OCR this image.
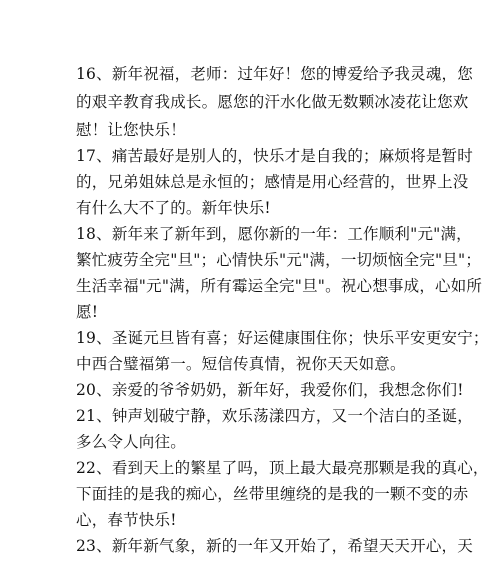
16、新年祝福，老师：过年好！您的博爱给予我灵魂，您
的艰辛教育我成长。愿您的汗水化做无数颗冰凌花让您欢
慰！让您快乐！
17、痛苦最好是别人的，快乐才是自我的；麻烦将是暂时
的，兄弟姐妹总是永恒的；感情是用心经营的，世界上没
有什么大不了的。新年快乐!
18、新年来了新年到，愿你新的一年：工作顺利"元"满，
繁忙疲劳全完"旦"；心情快乐"元"满，一切烦恼全完"旦"；
生活幸福"元"满，所有霉运全完"旦"。祝心想事成，心如所
愿!
19、圣诞元旦皆有喜；好运健康围住你；快乐平安更安宁；
中西合璧福第一。短信传真情，祝你天天如意。
20、亲爱的爷爷奶奶，新年好，我爱你们，我想念你们!
21、钟声划破宁静，欢乐荡漾四方，又一个洁白的圣诞，
多么令人向往。
22、看到天上的繁星了吗，顶上最大最亮那颗是我的真心，
下面挂的是我的痴心，丝带里缠绕的是我的一颗不变的赤
心，春节快乐!
23、新年新气象，新的一年又开始了，希望天天开心，天
